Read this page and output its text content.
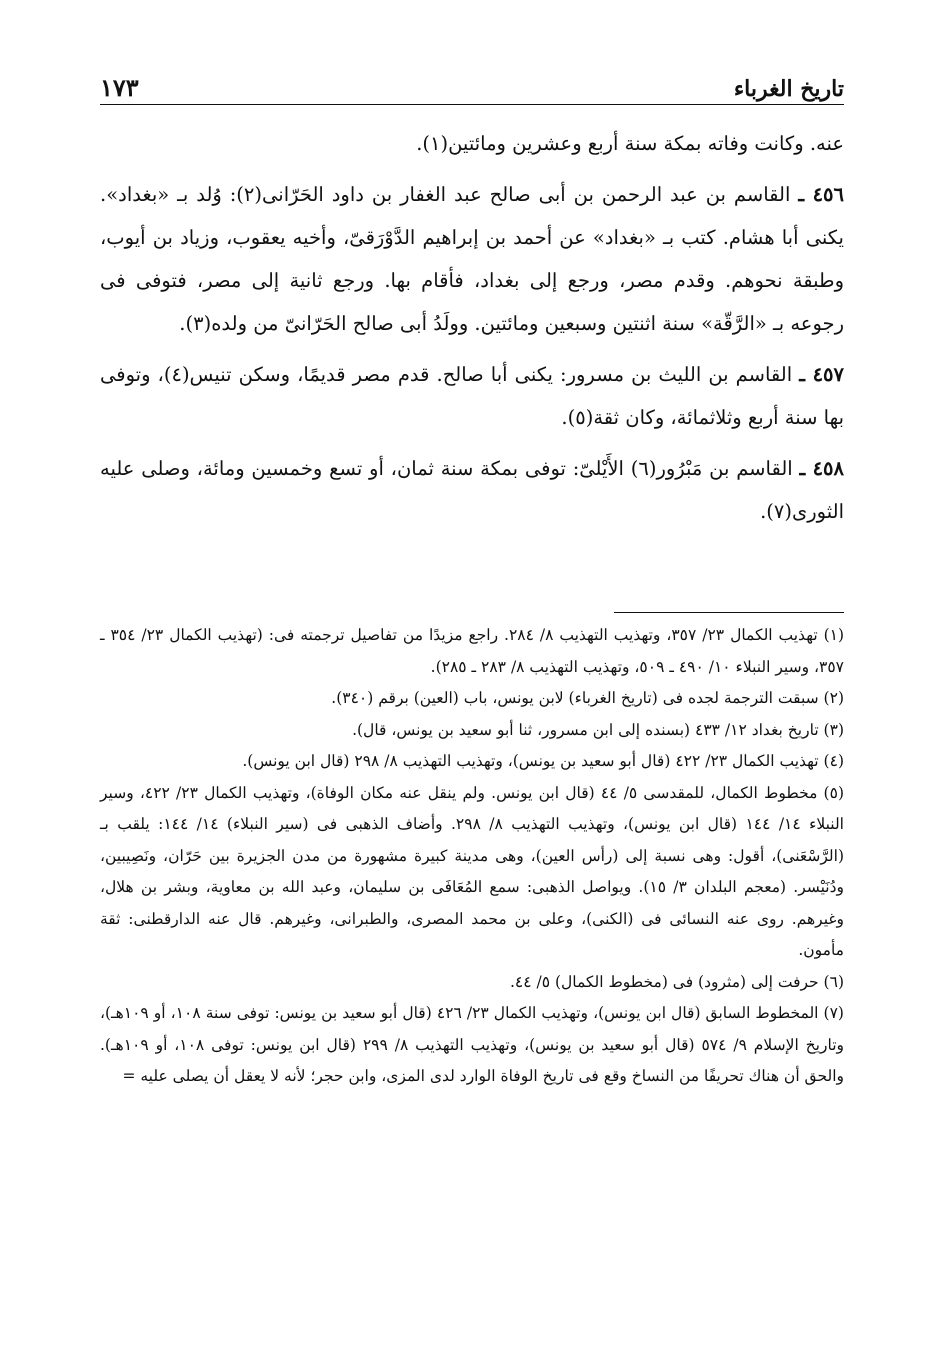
تاريخ الغرباء
١٧٣

عنه. وكانت وفاته بمكة سنة أربع وعشرين ومائتين(١).

٤٥٦ ـ القاسم بن عبد الرحمن بن أبى صالح عبد الغفار بن داود الحَرّانى(٢): وُلد بـ «بغداد». يكنى أبا هشام. كتب بـ «بغداد» عن أحمد بن إبراهيم الدَّوْرَقىّ، وأخيه يعقوب، وزياد بن أيوب، وطبقة نحوهم. وقدم مصر، ورجع إلى بغداد، فأقام بها. ورجع ثانية إلى مصر، فتوفى فى رجوعه بـ «الرَّقّة» سنة اثنتين وسبعين ومائتين. وولَدُ أبى صالح الحَرّانىّ من ولده(٣).

٤٥٧ ـ القاسم بن الليث بن مسرور: يكنى أبا صالح. قدم مصر قديمًا، وسكن تنيس(٤)، وتوفى بها سنة أربع وثلاثمائة، وكان ثقة(٥).

٤٥٨ ـ القاسم بن مَبْرُور(٦) الأَيْلىّ: توفى بمكة سنة ثمان، أو تسع وخمسين ومائة، وصلى عليه الثورى(٧).

(١) تهذيب الكمال ٢٣/ ٣٥٧، وتهذيب التهذيب ٨/ ٢٨٤. راجع مزيدًا من تفاصيل ترجمته فى: (تهذيب الكمال ٢٣/ ٣٥٤ ـ ٣٥٧، وسير النبلاء ١٠/ ٤٩٠ ـ ٥٠٩، وتهذيب التهذيب ٨/ ٢٨٣ ـ ٢٨٥).

(٢) سبقت الترجمة لجده فى (تاريخ الغرباء) لابن يونس، باب (العين) برقم (٣٤٠).

(٣) تاريخ بغداد ١٢/ ٤٣٣ (بسنده إلى ابن مسرور، ثنا أبو سعيد بن يونس، قال).

(٤) تهذيب الكمال ٢٣/ ٤٢٢ (قال أبو سعيد بن يونس)، وتهذيب التهذيب ٨/ ٢٩٨ (قال ابن يونس).

(٥) مخطوط الكمال، للمقدسى ٥/ ٤٤ (قال ابن يونس. ولم ينقل عنه مكان الوفاة)، وتهذيب الكمال ٢٣/ ٤٢٢، وسير النبلاء ١٤/ ١٤٤ (قال ابن يونس)، وتهذيب التهذيب ٨/ ٢٩٨. وأضاف الذهبى فى (سير النبلاء) ١٤/ ١٤٤: يلقب بـ (الرَّسْعَنى)، أقول: وهى نسبة إلى (رأس العين)، وهى مدينة كبيرة مشهورة من مدن الجزيرة بين حَرّان، ونَصِيبين، ودُنَيْسر. (معجم البلدان ٣/ ١٥). ويواصل الذهبى: سمع المُعَافَى بن سليمان، وعبد الله بن معاوية، وبشر بن هلال، وغيرهم. روى عنه النسائى فى (الكنى)، وعلى بن محمد المصرى، والطبرانى، وغيرهم. قال عنه الدارقطنى: ثقة مأمون.

(٦) حرفت إلى (مثرود) فى (مخطوط الكمال) ٥/ ٤٤.

(٧) المخطوط السابق (قال ابن يونس)، وتهذيب الكمال ٢٣/ ٤٢٦ (قال أبو سعيد بن يونس: توفى سنة ١٠٨، أو ١٠٩هـ)، وتاريخ الإسلام ٩/ ٥٧٤ (قال أبو سعيد بن يونس)، وتهذيب التهذيب ٨/ ٢٩٩ (قال ابن يونس: توفى ١٠٨، أو ١٠٩هـ). والحق أن هناك تحريفًا من النساخ وقع فى تاريخ الوفاة الوارد لدى المزى، وابن حجر؛ لأنه لا يعقل أن يصلى عليه =
